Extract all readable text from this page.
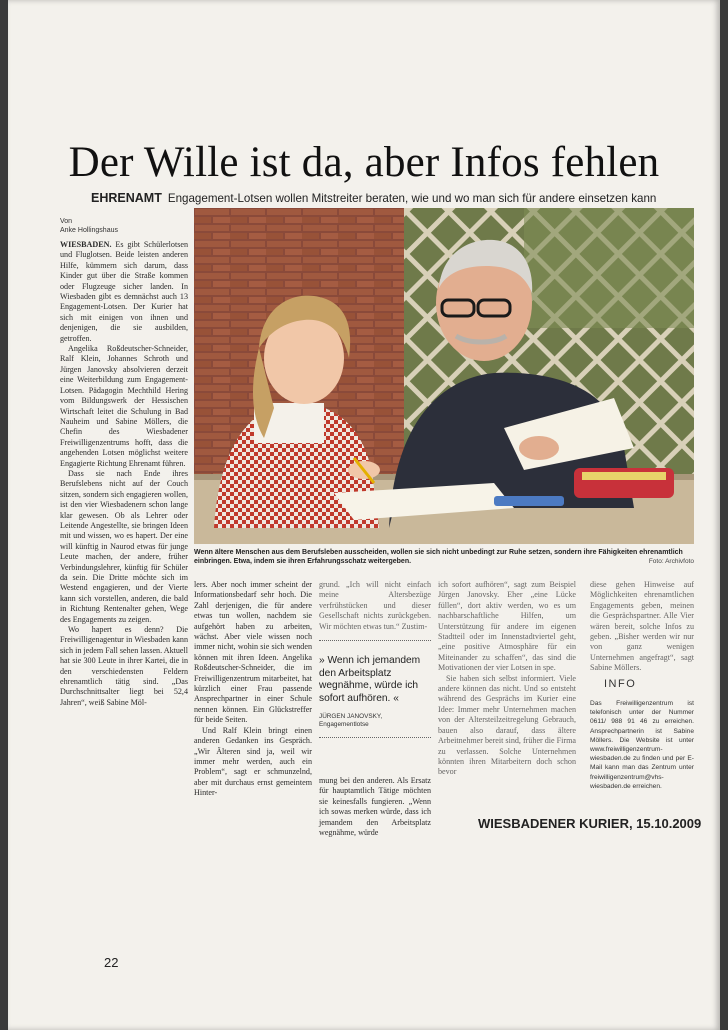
Der Wille ist da, aber Infos fehlen
EHRENAMT Engagement-Lotsen wollen Mitstreiter beraten, wie und wo man sich für andere einsetzen kann
Von
Anke Hollingshaus

WIESBADEN. Es gibt Schülerlotsen und Fluglotsen. Beide leisten anderen Hilfe, kümmern sich darum, dass Kinder gut über die Straße kommen oder Flugzeuge sicher landen. In Wiesbaden gibt es demnächst auch 13 Engagement-Lotsen. Der Kurier hat sich mit einigen von ihnen und denjenigen, die sie ausbilden, getroffen.

Angelika Roßdeutscher-Schneider, Ralf Klein, Johannes Schroth und Jürgen Janovsky absolvieren derzeit eine Weiterbildung zum Engagement-Lotsen. Pädagogin Mechthild Hering vom Bildungswerk der Hessischen Wirtschaft leitet die Schulung in Bad Nauheim und Sabine Möllers, die Chefin des Wiesbadener Freiwilligenzentrums hofft, dass die angehenden Lotsen möglichst weitere Engagierte Richtung Ehrenamt führen.

Dass sie nach Ende ihres Berufslebens nicht auf der Couch sitzen, sondern sich engagieren wollen, ist den vier Wiesbadenern schon lange klar gewesen. Ob als Lehrer oder Leitende Angestellte, sie bringen Ideen mit und wissen, wo es hapert. Der eine will künftig in Naurod etwas für junge Leute machen, der andere, früher Verbindungslehrer, künftig für Schüler da sein. Die Dritte möchte sich im Westend engagieren, und der Vierte kann sich vorstellen, anderen, die bald in Richtung Rentenalter gehen, Wege des Engagements zu zeigen.

Wo hapert es denn? Die Freiwilligenagentur in Wiesbaden kann sich in jedem Fall sehen lassen. Aktuell hat sie 300 Leute in ihrer Kartei, die in den verschiedensten Feldern ehrenamtlich tätig sind. „Das Durchschnittsalter liegt bei 52,4 Jahren“, weiß Sabine Möl-

Wenn ältere Menschen aus dem Berufsleben ausscheiden, wollen sie sich nicht unbedingt zur Ruhe setzen, sondern ihre Fähigkeiten ehrenamtlich einbringen. Etwa, indem sie ihren Erfahrungsschatz weitergeben.	Foto: Archivfoto

lers. Aber noch immer scheint der Informationsbedarf sehr hoch. Die Zahl derjenigen, die für andere etwas tun wollen, nachdem sie aufgehört haben zu arbeiten, wächst. Aber viele wissen noch immer nicht, wohin sie sich wenden können mit ihren Ideen. Angelika Roßdeutscher-Schneider, die im Freiwilligenzentrum mitarbeitet, hat kürzlich einer Frau passende Ansprechpartner in einer Schule nennen können. Ein Glückstreffer für beide Seiten.

Und Ralf Klein bringt einen anderen Gedanken ins Gespräch. „Wir Älteren sind ja, weil wir immer mehr werden, auch ein Problem“, sagt er schmunzelnd, aber mit durchaus ernst gemeintem Hinter-

grund. „Ich will nicht einfach meine Altersbezüge verfrühstücken und dieser Gesellschaft nichts zurückgeben. Wir möchten etwas tun.“ Zustim-

mung bei den anderen. Als Ersatz für hauptamtlich Tätige möchten sie keinesfalls fungieren. „Wenn ich sowas merken würde, dass ich jemandem den Arbeitsplatz wegnähme, würde

» Wenn ich jemandem den Arbeitsplatz wegnähme, würde ich sofort aufhören. «
JÜRGEN JANOVSKY,
Engagementlotse

ich sofort aufhören“, sagt zum Beispiel Jürgen Janovsky. Eher „eine Lücke füllen“, dort aktiv werden, wo es um nachbarschaftliche Hilfen, um Unterstützung für andere im eigenen Stadtteil oder im Innenstadtviertel geht, „eine positive Atmosphäre für ein Miteinander zu schaffen“, das sind die Motivationen der vier Lotsen in spe.

Sie haben sich selbst informiert. Viele andere können das nicht. Und so entsteht während des Gesprächs im Kurier eine Idee: Immer mehr Unternehmen machen von der Altersteilzeitregelung Gebrauch, bauen also darauf, dass ältere Arbeitnehmer bereit sind, früher die Firma zu verlassen. Solche Unternehmen könnten ihren Mitarbeitern doch schon bevor

diese gehen Hinweise auf Möglichkeiten ehrenamtlichen Engagements geben, meinen die Gesprächspartner. Alle Vier wären bereit, solche Infos zu geben. „Bisher werden wir nur von ganz wenigen Unternehmen angefragt“, sagt Sabine Möllers.

INFO
Das Freiwilligenzentrum ist telefonisch unter der Nummer 0611/ 988 91 46 zu erreichen. Ansprechpartnerin ist Sabine Möllers. Die Website ist unter www.freiwilligenzentrum-wiesbaden.de zu finden und per E-Mail kann man das Zentrum unter freiwilligenzentrum@vhs-wiesbaden.de erreichen.
WIESBADENER KURIER, 15.10.2009
22
